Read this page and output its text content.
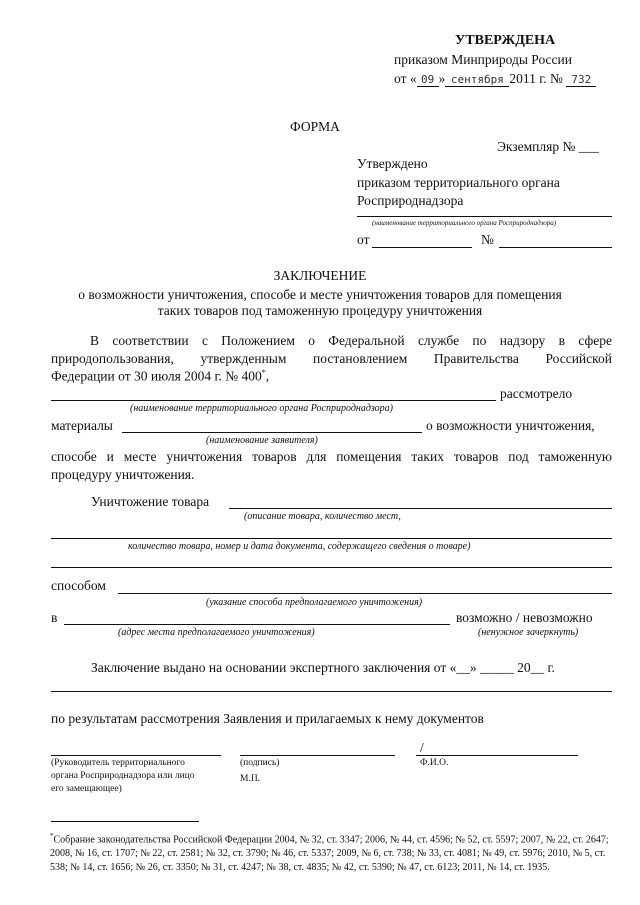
УТВЕРЖДЕНА
приказом Минприроды России
от « 09 » сентября 2011 г. № 732
ФОРМА
Экземпляр № ___
Утверждено
приказом территориального органа
Росприроднадзора
(наименование территориального органа Росприроднадзора)
от	№
ЗАКЛЮЧЕНИЕ
о возможности уничтожения, способе и месте уничтожения товаров для помещения
таких товаров под таможенную процедуру уничтожения
В соответствии с Положением о Федеральной службе по надзору в сфере
природопользования, утвержденным постановлением Правительства Российской
Федерации от 30 июля 2004 г. № 400*,
рассмотрело
(наименование территориального органа Росприроднадзора)
материалы	о возможности уничтожения,
(наименование заявителя)
способе и месте уничтожения товаров для помещения таких товаров под таможенную
процедуру уничтожения.
Уничтожение товара
(описание товара, количество мест,
количество товара, номер и дата документа, содержащего сведения о товаре)
способом
(указание способа предполагаемого уничтожения)
в	возможно / невозможно
(адрес места предполагаемого уничтожения)	(ненужное зачеркнуть)
Заключение выдано на основании экспертного заключения от «__» _____ 20__ г.
по результатам рассмотрения Заявления и прилагаемых к нему документов
(Руководитель территориального
органа Росприроднадзора или лицо
его замещающее)
(подпись)
М.П.
/
Ф.И.О.
*Собрание законодательства Российской Федерации 2004, № 32, ст. 3347; 2006, № 44, ст. 4596; № 52, ст. 5597; 2007, № 22, ст. 2647; 2008, № 16, ст. 1707; № 22, ст. 2581; № 32, ст. 3790; № 46, ст. 5337; 2009, № 6, ст. 738; № 33, ст. 4081; № 49, ст. 5976; 2010, № 5, ст. 538; № 14, ст. 1656; № 26, ст. 3350; № 31, ст. 4247; № 38, ст. 4835; № 42, ст. 5390; № 47, ст. 6123; 2011, № 14, ст. 1935.
